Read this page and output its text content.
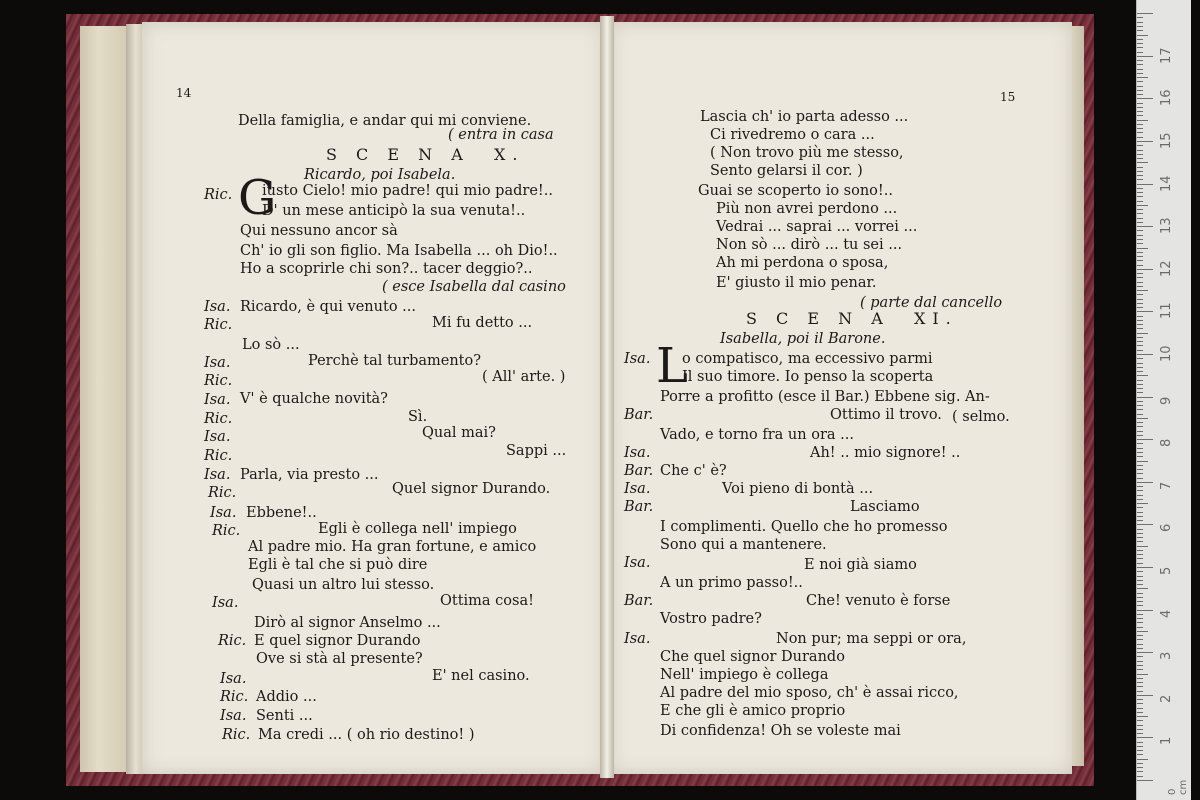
14
Della famiglia, e andar qui mi conviene.
( entra in casa
S C E N A  X.
Ricardo, poi Isabela.
Ric. iusto Cielo! mio padre! qui mio padre!..
D' un mese anticipò la sua venuta!..
Qui nessuno ancor sà
Ch' io gli son figlio. Ma Isabella ... oh Dio!..
Ho a scoprirle chi son?.. tacer deggio?..
( esce Isabella dal casino
Isa. Ricardo, è qui venuto ...
Ric.	Mi fu detto ...
Lo sò ...
Isa.	Perchè tal turbamento?
Ric.	( All' arte. )
Isa. V' è qualche novità?
Ric.	Sì.
Isa.	Qual mai?
Ric.	Sappi ...
Isa. Parla, via presto ...
Ric.	Quel signor Durando.
Isa. Ebbene!..
Ric.	Egli è collega nell' impiego
Al padre mio. Ha gran fortune, e amico
Egli è tal che si può dire
Quasi un altro lui stesso.
Isa.	Ottima cosa!
Dirò al signor Anselmo ...
Ric. E quel signor Durando
Ove si stà al presente?
Isa.	E' nel casino.
Ric. Addio ...
Isa. Senti ...
Ric. Ma credi ... ( oh rio destino! )
G
15
Lascia ch' io parta adesso ...
Ci rivedremo o cara ...
( Non trovo più me stesso,
Sento gelarsi il cor. )
Guai se scoperto io sono!..
Più non avrei perdono ...
Vedrai ... saprai ... vorrei ...
Non sò ... dirò ... tu sei ...
Ah mi perdona o sposa,
E' giusto il mio penar.
( parte dal cancello
S C E N A  XI.
Isabella, poi il Barone.
Isa. o compatisco, ma eccessivo parmi
Il suo timore. Io penso la scoperta
Porre a profitto (esce il Bar.) Ebbene sig. An-
Bar.	Ottimo il trovo. ( selmo.
Vado, e torno fra un ora ...
Isa.	Ah! .. mio signore! ..
Bar. Che c' è?
Isa.	Voi pieno di bontà ...
Bar.	Lasciamo
I complimenti. Quello che ho promesso
Sono qui a mantenere.
Isa.	E noi già siamo
A un primo passo!..
Bar.	Che! venuto è forse
Vostro padre?
Isa.	Non pur; ma seppi or ora,
Che quel signor Durando
Nell' impiego è collega
Al padre del mio sposo, ch' è assai ricco,
E che gli è amico proprio
Di confidenza! Oh se voleste mai
L
0 cm
1
2
3
4
5
6
7
8
9
10
11
12
13
14
15
16
17
